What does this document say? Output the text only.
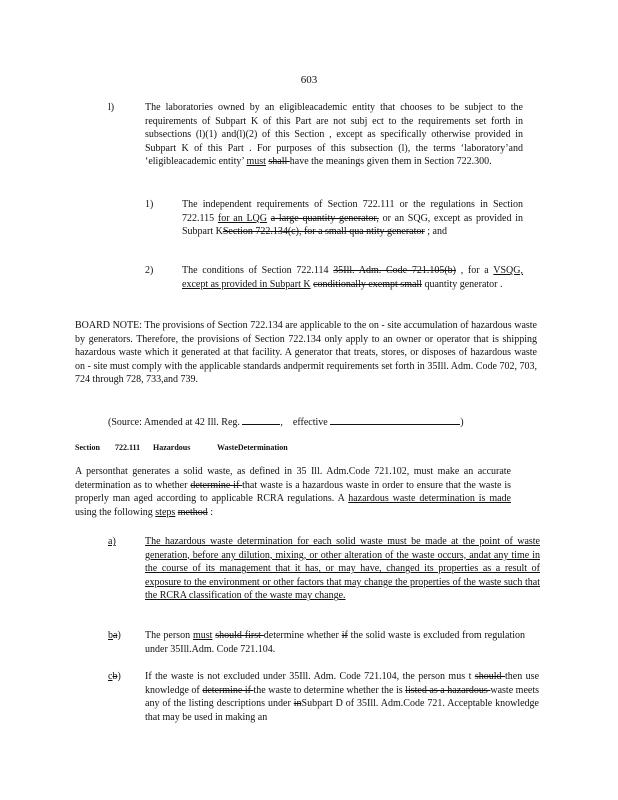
603
l)	The laboratories owned by an eligibleacademic entity that chooses to be subject to the requirements of Subpart K of this Part are not subj ect to the requirements set forth in subsections (l)(1) and(l)(2) of this Section , except as specifically otherwise provided in Subpart K of this Part . For purposes of this subsection (l), the terms ‘laboratory’and ‘eligibleacademic entity’ must shall have the meanings given them in Section 722.300.

1)	The independent requirements of Section 722.111 or the regulations in Section 722.115 for an LQG a large quantity generator, or an SQG, except as provided in Subpart KSection 722.134(c), for a small qua ntity generator ; and

2)	The conditions of Section 722.114 35Ill. Adm. Code 721.105(b) , for a VSQG, except as provided in Subpart K conditionally exempt small quantity generator .

BOARD NOTE: The provisions of Section 722.134 are applicable to the on - site accumulation of hazardous waste by generators. Therefore, the provisions of Section 722.134 only apply to an owner or operator that is shipping hazardous waste which it generated at that facility. A generator that treats, stores, or disposes of hazardous waste on - site must comply with the applicable standards andpermit requirements set forth in 35Ill. Adm. Code 702, 703, 724 through 728, 733,and 739.
(Source: Amended at 42 Ill. Reg.	, effective	)
Section 722.111 Hazardous	WasteDetermination

A personthat generates a solid waste, as defined in 35 Ill. Adm.Code 721.102, must make an accurate determination as to whether determine if that waste is a hazardous waste in order to ensure that the waste is properly man aged according to applicable RCRA regulations. A hazardous waste determination is made using the following steps method :

a)	The hazardous waste determination for each solid waste must be made at the point of waste generation, before any dilution, mixing, or other alteration of the waste occurs, andat any time in the course of its management that it has, or may have, changed its properties as a result of exposure to the environment or other factors that may change the properties of the waste such that the RCRA classification of the waste may change.

ba) The person must should first determine whether if the solid waste is excluded from regulation under 35Ill.Adm. Code 721.104.

cb) If the waste is not excluded under 35Ill. Adm. Code 721.104, the person mus t should then use knowledge of determine if the waste to determine whether the is listed as a hazardous waste meets any of the listing descriptions under inSubpart D of 35Ill. Adm.Code 721. Acceptable knowledge that may be used in making an
